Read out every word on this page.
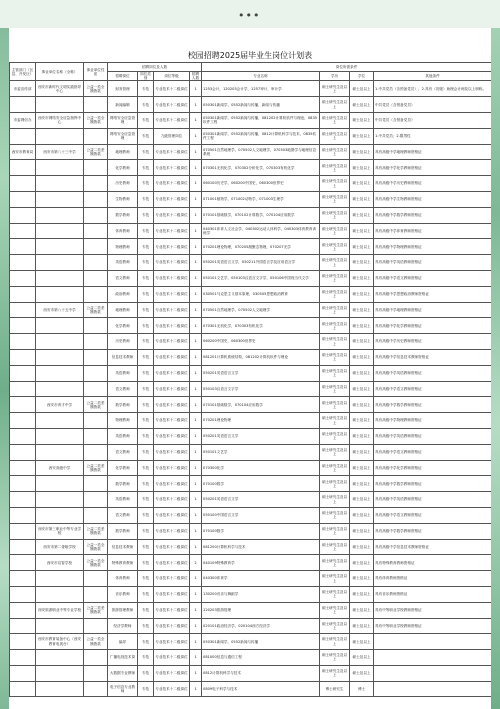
•••
校园招聘2025届毕业生岗位计划表
主管部门（区县、开发区）	事业单位名称（全称）	事业单位性质	招聘岗位及人数				岗位所需条件			
			招聘岗位	岗位类别	岗位等级	招聘人数	专业名称	学历	学位	其他条件
市委宣传部	西安市新时代文明实践指导中心	公益一类全额拨款	财务管理	专技	专业技术十二级岗位	1	1253会计，120203会计学，1257审计，审计学	硕士研究生及以上	硕士及以上	1.中共党员（含预备党员）；2.具有（初级）助理会计师及以上职称。
			新闻编辑	专技	专业技术十二级岗位	1	050301新闻学，0552新闻与传播，新闻与传播	硕士研究生及以上	硕士及以上	中共党员（含预备党员）
市委网信办	西安市网络安全应急指挥中心	公益一类全额拨款	网络安全应急管理	专技	专业技术十二级岗位	1	050301新闻学，0552新闻与传播，081202计算机软件与理论，0835软件工程	硕士研究生及以上	硕士及以上	中共党员（含预备党员）
			网络安全应急管理	专技	九级管理岗位	1	050301新闻学，0552新闻与传播，0812计算机科学与技术，0835软件工程	硕士研究生及以上	硕士及以上	1.中共党员；2.限男性
西安市教育局	西安市第八十三中学	公益二类差额拨款	地理教师	专技	专业技术十二级岗位	1	070501自然地理学，070502人文地理学，070503地图学与地理信息系统	硕士研究生及以上	硕士及以上	具有高级中学地理教师资格证
			化学教师	专技	专业技术十二级岗位	1	070301无机化学，070302分析化学，070303有机化学	硕士研究生及以上	硕士及以上	具有高级中学化学教师资格证
			历史教师	专技	专业技术十二级岗位	1	060100历史学，060200中国史，060300世界史	硕士研究生及以上	硕士及以上	具有高级中学历史教师资格证
			生物教师	专技	专业技术十二级岗位	1	071001植物学，071002动物学，071003生理学	硕士研究生及以上	硕士及以上	具有高级中学生物教师资格证
			数学教师	专技	专业技术十二级岗位	1	070101基础数学，070102计算数学，070104应用数学	硕士研究生及以上	硕士及以上	具有高级中学数学教师资格证
			体育教师	专技	专业技术十二级岗位	1	040301体育人文社会学，040302运动人体科学，040303体育教育训练学	硕士研究生及以上	硕士及以上	具有高级中学体育教师资格证
			物理教师	专技	专业技术十二级岗位	1	070201理论物理，070205凝聚态物理，070207光学	硕士研究生及以上	硕士及以上	具有高级中学物理教师资格证
			英语教师	专技	专业技术十二级岗位	1	050201英语语言文学，050211外国语言学及应用语言学	硕士研究生及以上	硕士及以上	具有高级中学英语教师资格证
			语文教师	专技	专业技术十二级岗位	1	050101文艺学，050103汉语言文字学，050106中国现当代文学	硕士研究生及以上	硕士及以上	具有高级中学语文教师资格证
			政治教师	专技	专业技术十二级岗位	1	030501马克思主义基本原理，030505思想政治教育	硕士研究生及以上	硕士及以上	具有高级中学思想政治教师资格证
	西安市第八十五中学	公益二类差额拨款	地理教师	专技	专业技术十二级岗位	1	070501自然地理学，070502人文地理学	硕士研究生及以上	硕士及以上	具有高级中学地理教师资格证
			化学教师	专技	专业技术十二级岗位	1	070301无机化学，070303有机化学	硕士研究生及以上	硕士及以上	具有高级中学化学教师资格证
			历史教师	专技	专业技术十二级岗位	1	060200中国史，060300世界史	硕士研究生及以上	硕士及以上	具有高级中学历史教师资格证
			信息技术教师	专技	专业技术十二级岗位	1	081201计算机系统结构，081202计算机软件与理论	硕士研究生及以上	硕士及以上	具有高级中学信息技术教师资格证
			英语教师	专技	专业技术十二级岗位	1	050201英语语言文学	硕士研究生及以上	硕士及以上	具有高级中学英语教师资格证
			语文教师	专技	专业技术十二级岗位	1	050103汉语言文字学	硕士研究生及以上	硕士及以上	具有高级中学语文教师资格证
	西安市育才中学	公益二类差额拨款	数学教师	专技	专业技术十二级岗位	1	070101基础数学，070104应用数学	硕士研究生及以上	硕士及以上	具有高级中学数学教师资格证
			物理教师	专技	专业技术十二级岗位	1	070201理论物理	硕士研究生及以上	硕士及以上	具有高级中学物理教师资格证
			英语教师	专技	专业技术十二级岗位	1	050201英语语言文学	硕士研究生及以上	硕士及以上	具有高级中学英语教师资格证
			语文教师	专技	专业技术十二级岗位	1	050101文艺学	硕士研究生及以上	硕士及以上	具有高级中学语文教师资格证
	西安高级中学	公益二类差额拨款	化学教师	专技	专业技术十二级岗位	1	070300化学	硕士研究生及以上	硕士及以上	具有高级中学化学教师资格证
			数学教师	专技	专业技术十二级岗位	1	070100数学	硕士研究生及以上	硕士及以上	具有高级中学数学教师资格证
			英语教师	专技	专业技术十二级岗位	1	050201英语语言文学	硕士研究生及以上	硕士及以上	具有高级中学英语教师资格证
			语文教师	专技	专业技术十二级岗位	1	050100中国语言文学	硕士研究生及以上	硕士及以上	具有高级中学语文教师资格证
	西安市第三职业中等专业学校	公益二类差额拨款	数学教师	专技	专业技术十二级岗位	1	070100数学	硕士研究生及以上	硕士及以上	具有高级中学数学教师资格证
	西安市第二聋哑学校	公益一类全额拨款	信息技术教师	专技	专业技术十二级岗位	1	081200计算机科学与技术	硕士研究生及以上	硕士及以上	具有高级中学信息技术教师资格证
	西安市启智学校	公益一类全额拨款	特殊教育教师	专技	专业技术十二级岗位	2	040109特殊教育学	硕士研究生及以上	硕士及以上	具有特殊教育教师资格证
			体育教师	专技	专业技术十二级岗位	1	040300体育学	硕士研究生及以上	硕士及以上	具有体育教师资格证
			音乐教师	专技	专业技术十二级岗位	1	130200音乐与舞蹈学	硕士研究生及以上	硕士及以上	具有音乐教师资格证
	西安旅游职业中等专业学校	公益二类差额拨款	旅游管理教师	专技	专业技术十二级岗位	1	120203旅游管理	硕士研究生及以上	硕士及以上	具有中等职业学校教师资格证
			经济学教师	专技	专业技术十二级岗位	1	020101政治经济学，020104西方经济学	硕士研究生及以上	硕士及以上	具有中等职业学校教师资格证
	西安市教育装备中心（西安教育电视台）	公益一类全额拨款	编导	专技	专业技术十二级岗位	1	050301新闻学，0552新闻与传播	硕士研究生及以上	硕士及以上	
			广播电视技术岗	专技	专业技术十二级岗位	1	081000信息与通信工程	硕士研究生及以上	硕士及以上	
			大数据专业教师	专技	专业技术十二级岗位	1	0812计算机科学与技术	硕士研究生及以上	硕士及以上	
			电子信息专业教师	专技	专业技术十二级岗位	1	0809电子科学与技术	博士研究生	博士	
